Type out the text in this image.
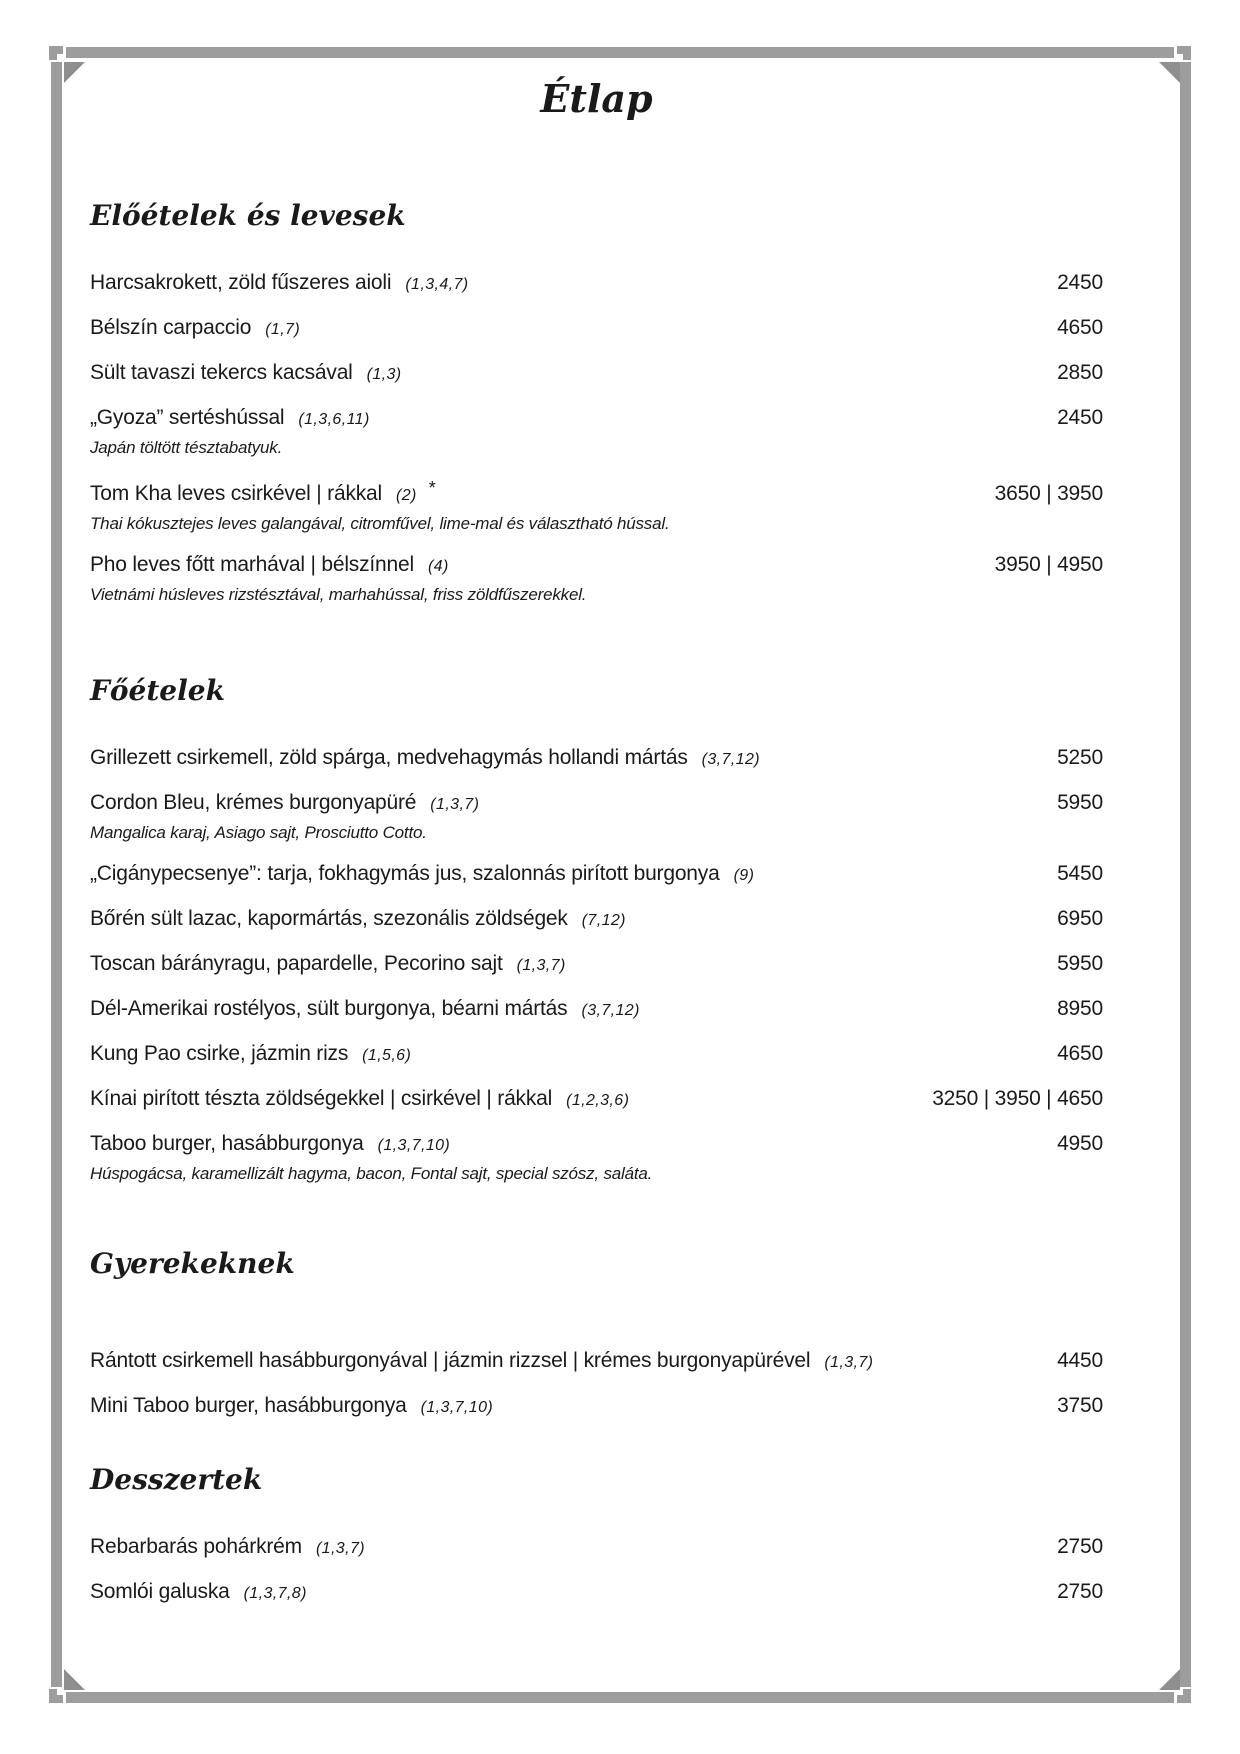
Étlap
Előételek és levesek
Harcsakrokett, zöld fűszeres aioli (1,3,4,7)	2450
Bélszín carpaccio (1,7)	4650
Sült tavaszi tekercs kacsával (1,3)	2850
„Gyoza” sertéshússal (1,3,6,11)	2450

Japán töltött tésztabatyuk.

Tom Kha leves csirkével | rákkal (2) *	3650 | 3950

Thai kókusztejes leves galangával, citromfűvel, lime-mal és választható hússal.

Pho leves főtt marhával | bélszínnel (4)	3950 | 4950

Vietnámi húsleves rizstésztával, marhahússal, friss zöldfűszerekkel.

Főételek
Grillezett csirkemell, zöld spárga, medvehagymás hollandi mártás (3,7,12)	5250
Cordon Bleu, krémes burgonyapüré (1,3,7)	5950

Mangalica karaj, Asiago sajt, Prosciutto Cotto.

„Cigánypecsenye”: tarja, fokhagymás jus, szalonnás pirított burgonya (9)	5450
Bőrén sült lazac, kapormártás, szezonális zöldségek (7,12)	6950
Toscan bárányragu, papardelle, Pecorino sajt (1,3,7)	5950
Dél-Amerikai rostélyos, sült burgonya, béarni mártás (3,7,12)	8950
Kung Pao csirke, jázmin rizs (1,5,6)	4650
Kínai pirított tészta zöldségekkel | csirkével | rákkal (1,2,3,6)	3250 | 3950 | 4650
Taboo burger, hasábburgonya (1,3,7,10)	4950

Húspogácsa, karamellizált hagyma, bacon, Fontal sajt, special szósz, saláta.

Gyerekeknek
Rántott csirkemell hasábburgonyával | jázmin rizzsel | krémes burgonyapürével (1,3,7)	4450
Mini Taboo burger, hasábburgonya (1,3,7,10)	3750
Desszertek
Rebarbarás pohárkrém (1,3,7)	2750
Somlói galuska (1,3,7,8)	2750
